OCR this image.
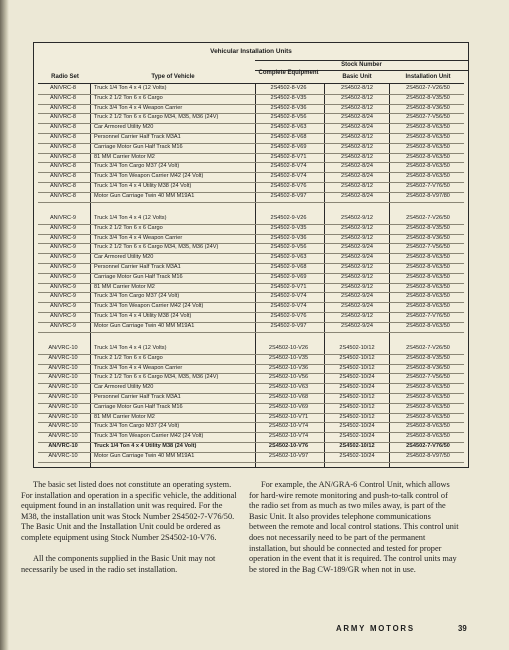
Vehicular Installation Units
Stock Number
Radio Set	Type of Vehicle
Complete Equipment
Basic Unit	Installation Unit
AN/VRC-8	Truck 1/4 Ton 4 x 4 (12 Volts)	2S4502-8-V26	2S4502-8/12	2S4502-7-V26/50
AN/VRC-8	Truck 2 1/2 Ton 6 x 6 Cargo	2S4502-8-V35	2S4502-8/12	2S4502-8-V35/50
AN/VRC-8	Truck 3/4 Ton 4 x 4 Weapon Carrier	2S4502-8-V36	2S4502-8/12	2S4502-8-V36/50
AN/VRC-8	Truck 2 1/2 Ton 6 x 6 Cargo M34, M35, M36 (24V)	2S4502-8-V56	2S4502-8/24	2S4502-7-V56/50
AN/VRC-8	Car Armored Utility M20	2S4502-8-V63	2S4502-8/24	2S4502-8-V63/50
AN/VRC-8	Personnel Carrier Half Track M3A1	2S4502-8-V68	2S4502-8/12	2S4502-8-V63/50
AN/VRC-8	Carriage Motor Gun Half Track M16	2S4502-8-V69	2S4502-8/12	2S4502-8-V63/50
AN/VRC-8	81 MM Carrier Motor M2	2S4502-8-V71	2S4502-8/12	2S4502-8-V63/50
AN/VRC-8	Truck 3/4 Ton Cargo M37 (24 Volt)	2S4502-8-V74	2S4502-8/24	2S4502-8-V63/50
AN/VRC-8	Truck 3/4 Ton Weapon Carrier M42 (24 Volt)	2S4502-8-V74	2S4502-8/24	2S4502-8-V63/50
AN/VRC-8	Truck 1/4 Ton 4 x 4 Utility M38 (24 Volt)	2S4502-8-V76	2S4502-8/12	2S4502-7-V76/50
AN/VRC-8	Motor Gun Carriage Twin 40 MM M19A1	2S4502-8-V97	2S4502-8/24	2S4502-8-V97/80
AN/VRC-9	Truck 1/4 Ton 4 x 4 (12 Volts)	2S4502-9-V26	2S4502-9/12	2S4502-7-V26/50
AN/VRC-9	Truck 2 1/2 Ton 6 x 6 Cargo	2S4502-9-V35	2S4502-9/12	2S4502-8-V35/50
AN/VRC-9	Truck 3/4 Ton 4 x 4 Weapon Carrier	2S4502-9-V36	2S4502-9/12	2S4502-8-V36/50
AN/VRC-9	Truck 2 1/2 Ton 6 x 6 Cargo M34, M35, M36 (24V)	2S4502-9-V56	2S4502-9/24	2S4502-7-V56/50
AN/VRC-9	Car Armored Utility M20	2S4502-9-V63	2S4502-9/24	2S4502-8-V63/50
AN/VRC-9	Personnel Carrier Half Track M3A1	2S4502-9-V68	2S4502-9/12	2S4502-8-V63/50
AN/VRC-9	Carriage Motor Gun Half Track M16	2S4502-9-V69	2S4502-9/12	2S4502-8-V63/50
AN/VRC-9	81 MM Carrier Motor M2	2S4502-9-V71	2S4502-9/12	2S4502-8-V63/50
AN/VRC-9	Truck 3/4 Ton Cargo M37 (24 Volt)	2S4502-9-V74	2S4502-9/24	2S4502-8-V63/50
AN/VRC-9	Truck 3/4 Ton Weapon Carrier M42 (24 Volt)	2S4502-9-V74	2S4502-9/24	2S4502-8-V63/50
AN/VRC-9	Truck 1/4 Ton 4 x 4 Utility M38 (24 Volt)	2S4502-9-V76	2S4502-9/12	2S4502-7-V76/50
AN/VRC-9	Motor Gun Carriage Twin 40 MM M19A1	2S4502-9-V97	2S4502-9/24	2S4502-8-V63/50
AN/VRC-10	Truck 1/4 Ton 4 x 4 (12 Volts)	2S4502-10-V26	2S4502-10/12	2S4502-7-V26/50
AN/VRC-10	Truck 2 1/2 Ton 6 x 6 Cargo	2S4502-10-V35	2S4502-10/12	2S4502-8-V35/50
AN/VRC-10	Truck 3/4 Ton 4 x 4 Weapon Carrier	2S4502-10-V36	2S4502-10/12	2S4502-8-V36/50
AN/VRC-10	Truck 2 1/2 Ton 6 x 6 Cargo M34, M35, M36 (24V)	2S4502-10-V56	2S4502-10/24	2S4502-7-V56/50
AN/VRC-10	Car Armored Utility M20	2S4502-10-V63	2S4502-10/24	2S4502-8-V63/50
AN/VRC-10	Personnel Carrier Half Track M3A1	2S4502-10-V68	2S4502-10/12	2S4502-8-V63/50
AN/VRC-10	Carriage Motor Gun Half Track M16	2S4502-10-V69	2S4502-10/12	2S4502-8-V63/50
AN/VRC-10	81 MM Carrier Motor M2	2S4502-10-V71	2S4502-10/12	2S4502-8-V63/50
AN/VRC-10	Truck 3/4 Ton Cargo M37 (24 Volt)	2S4502-10-V74	2S4502-10/24	2S4502-8-V63/50
AN/VRC-10	Truck 3/4 Ton Weapon Carrier M42 (24 Volt)	2S4502-10-V74	2S4502-10/24	2S4502-8-V63/50
AN/VRC-10	Truck 1/4 Ton 4 x 4 Utility M38 (24 Volt)	2S4502-10-V76	2S4502-10/12	2S4502-7-V76/50
AN/VRC-10	Motor Gun Carriage Twin 40 MM M19A1	2S4502-10-V97	2S4502-10/24	2S4502-8-V97/50

The basic set listed does not constitute an operating system. For installation and operation in a specific vehicle, the additional equipment found in an installation unit was required. For the M38, the installation unit was Stock Number 2S4502-7-V76/50. The Basic Unit and the Installation Unit could be ordered as complete equipment using Stock Number 2S4502-10-V76.

All the components supplied in the Basic Unit may not necessarily be used in the radio set installation.

For example, the AN/GRA-6 Control Unit, which allows for hard-wire remote monitoring and push-to-talk control of the radio set from as much as two miles away, is part of the Basic Unit. It also provides telephone communications between the remote and local control stations. This control unit does not necessarily need to be part of the permanent installation, but should be connected and tested for proper operation in the event that it is required. The control units may be stored in the Bag CW-189/GR when not in use.

ARMY MOTORS	39
